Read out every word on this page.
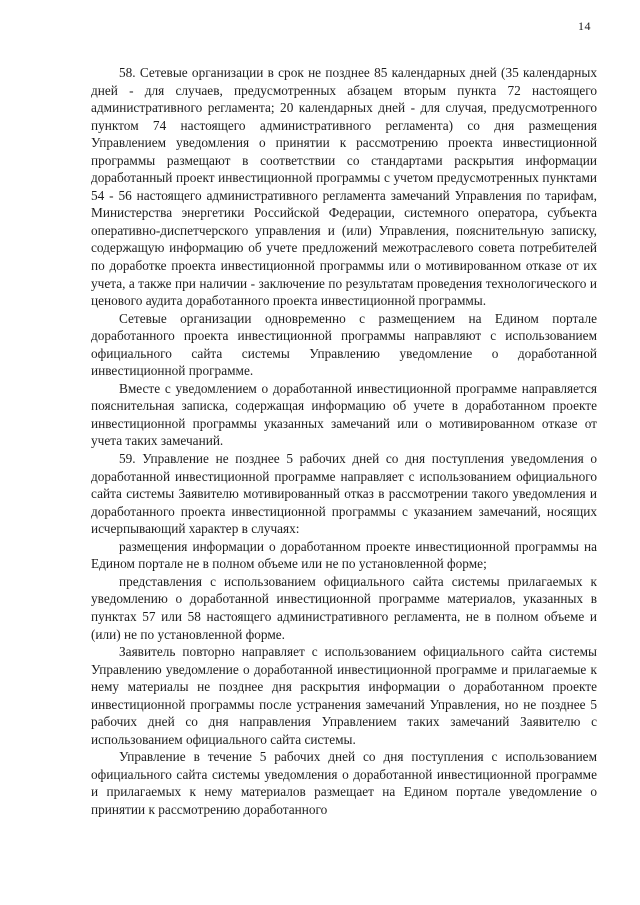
14

58. Сетевые организации в срок не позднее 85 календарных дней (35 календарных дней - для случаев, предусмотренных абзацем вторым пункта 72 настоящего административного регламента; 20 календарных дней - для случая, предусмотренного пунктом 74 настоящего административного регламента) со дня размещения Управлением уведомления о принятии к рассмотрению проекта инвестиционной программы размещают в соответствии со стандартами раскрытия информации доработанный проект инвестиционной программы с учетом предусмотренных пунктами 54 - 56 настоящего административного регламента замечаний Управления по тарифам, Министерства энергетики Российской Федерации, системного оператора, субъекта оперативно-диспетчерского управления и (или) Управления, пояснительную записку, содержащую информацию об учете предложений межотраслевого совета потребителей по доработке проекта инвестиционной программы или о мотивированном отказе от их учета, а также при наличии - заключение по результатам проведения технологического и ценового аудита доработанного проекта инвестиционной программы.

Сетевые организации одновременно с размещением на Едином портале доработанного проекта инвестиционной программы направляют с использованием официального сайта системы Управлению уведомление о доработанной инвестиционной программе.

Вместе с уведомлением о доработанной инвестиционной программе направляется пояснительная записка, содержащая информацию об учете в доработанном проекте инвестиционной программы указанных замечаний или о мотивированном отказе от учета таких замечаний.

59. Управление не позднее 5 рабочих дней со дня поступления уведомления о доработанной инвестиционной программе направляет с использованием официального сайта системы Заявителю мотивированный отказ в рассмотрении такого уведомления и доработанного проекта инвестиционной программы с указанием замечаний, носящих исчерпывающий характер в случаях:

размещения информации о доработанном проекте инвестиционной программы на Едином портале не в полном объеме или не по установленной форме;

представления с использованием официального сайта системы прилагаемых к уведомлению о доработанной инвестиционной программе материалов, указанных в пунктах 57 или 58 настоящего административного регламента, не в полном объеме и (или) не по установленной форме.

Заявитель повторно направляет с использованием официального сайта системы Управлению уведомление о доработанной инвестиционной программе и прилагаемые к нему материалы не позднее дня раскрытия информации о доработанном проекте инвестиционной программы после устранения замечаний Управления, но не позднее 5 рабочих дней со дня направления Управлением таких замечаний Заявителю с использованием официального сайта системы.

Управление в течение 5 рабочих дней со дня поступления с использованием официального сайта системы уведомления о доработанной инвестиционной программе и прилагаемых к нему материалов размещает на Едином портале уведомление о принятии к рассмотрению доработанного
